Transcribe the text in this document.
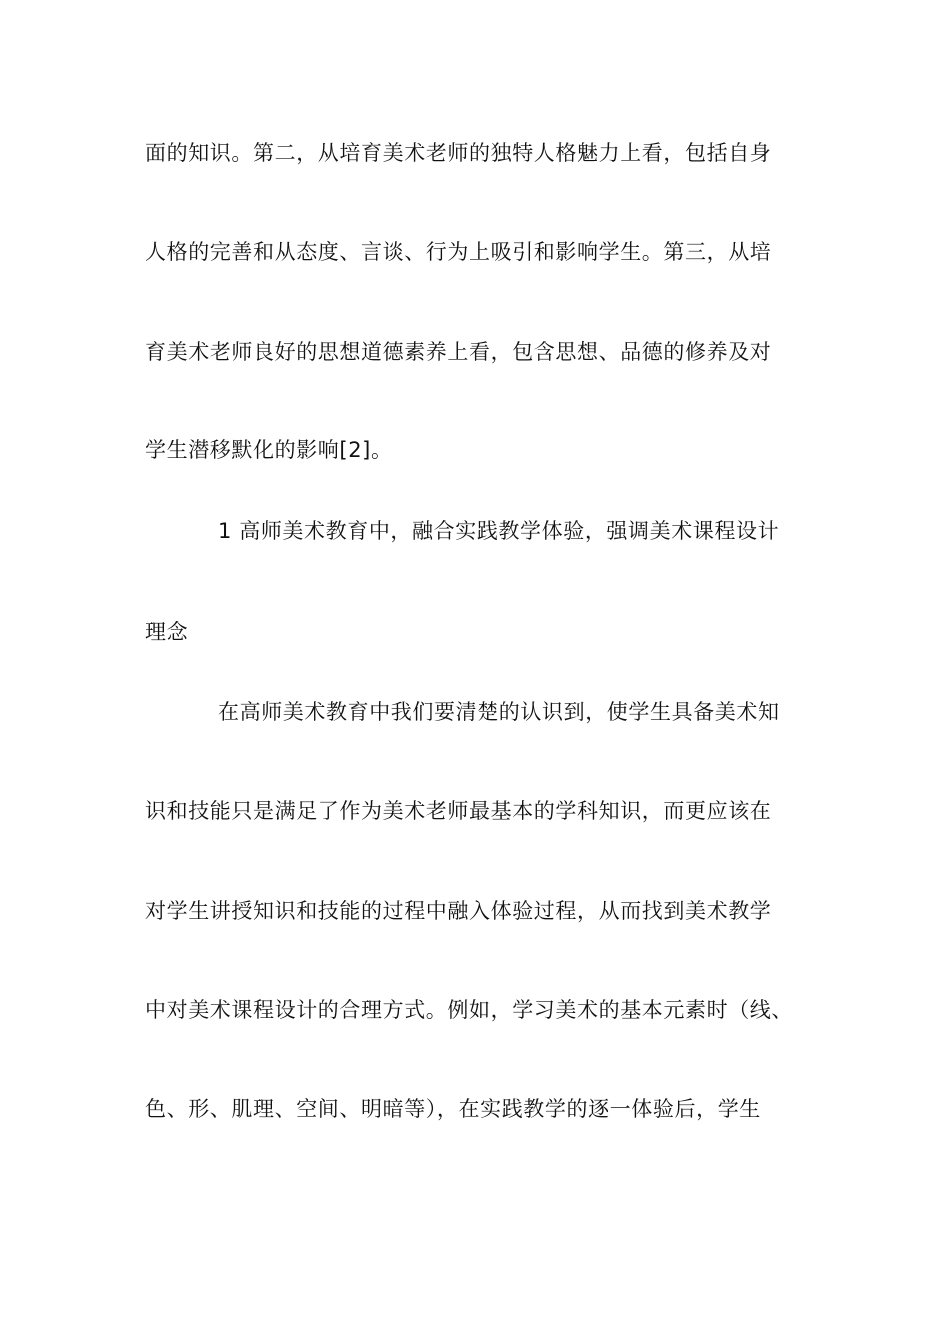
面的知识。第二，从培育美术老师的独特人格魅力上看，包括自身
人格的完善和从态度、言谈、行为上吸引和影响学生。第三，从培
育美术老师良好的思想道德素养上看，包含思想、品德的修养及对
学生潜移默化的影响[2]。
1 高师美术教育中，融合实践教学体验，强调美术课程设计
理念
在高师美术教育中我们要清楚的认识到，使学生具备美术知
识和技能只是满足了作为美术老师最基本的学科知识，而更应该在
对学生讲授知识和技能的过程中融入体验过程，从而找到美术教学
中对美术课程设计的合理方式。例如，学习美术的基本元素时（线、
色、形、肌理、空间、明暗等），在实践教学的逐一体验后，学生
